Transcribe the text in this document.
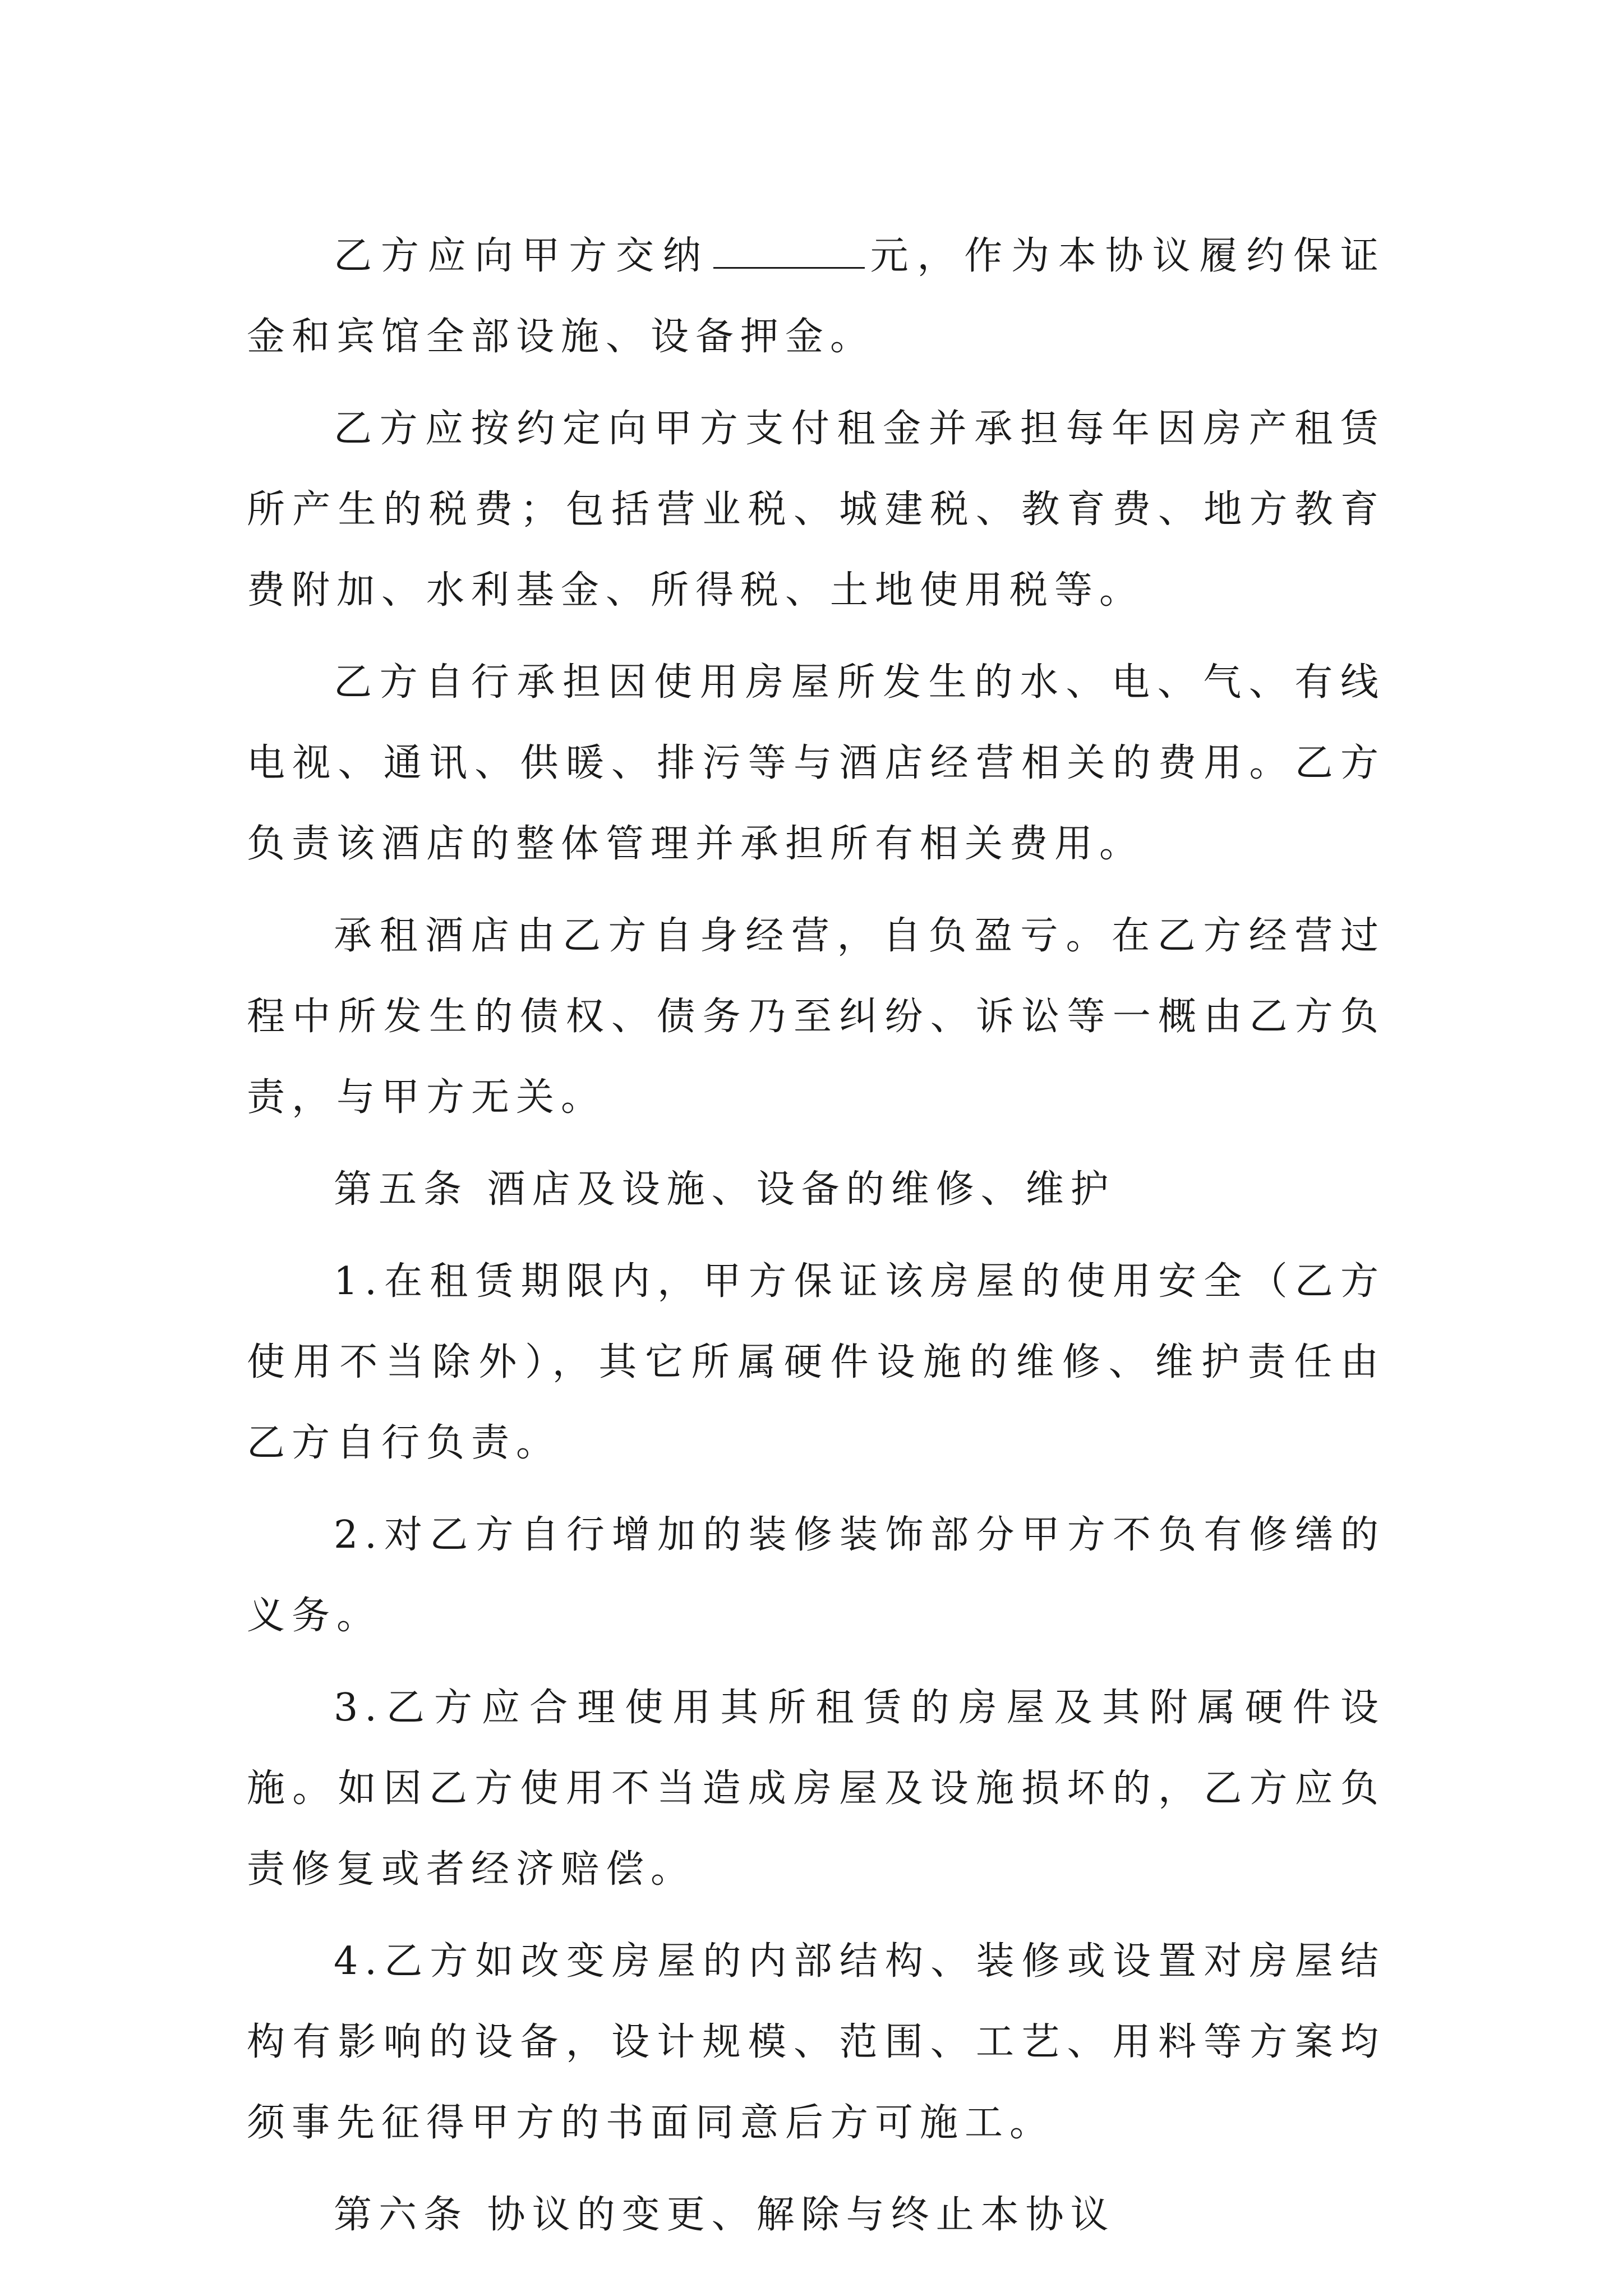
乙方应向甲方交纳	元，作为本协议履约保证金和宾馆全部设施、设备押金。

乙方应按约定向甲方支付租金并承担每年因房产租赁所产生的税费；包括营业税、城建税、教育费、地方教育费附加、水利基金、所得税、土地使用税等。

乙方自行承担因使用房屋所发生的水、电、气、有线电视、通讯、供暖、排污等与酒店经营相关的费用。乙方负责该酒店的整体管理并承担所有相关费用。

承租酒店由乙方自身经营，自负盈亏。在乙方经营过程中所发生的债权、债务乃至纠纷、诉讼等一概由乙方负责，与甲方无关。

第五条 酒店及设施、设备的维修、维护

1.在租赁期限内，甲方保证该房屋的使用安全（乙方使用不当除外），其它所属硬件设施的维修、维护责任由乙方自行负责。

2.对乙方自行增加的装修装饰部分甲方不负有修缮的义务。

3.乙方应合理使用其所租赁的房屋及其附属硬件设施。如因乙方使用不当造成房屋及设施损坏的，乙方应负责修复或者经济赔偿。

4.乙方如改变房屋的内部结构、装修或设置对房屋结构有影响的设备，设计规模、范围、工艺、用料等方案均须事先征得甲方的书面同意后方可施工。

第六条 协议的变更、解除与终止本协议
